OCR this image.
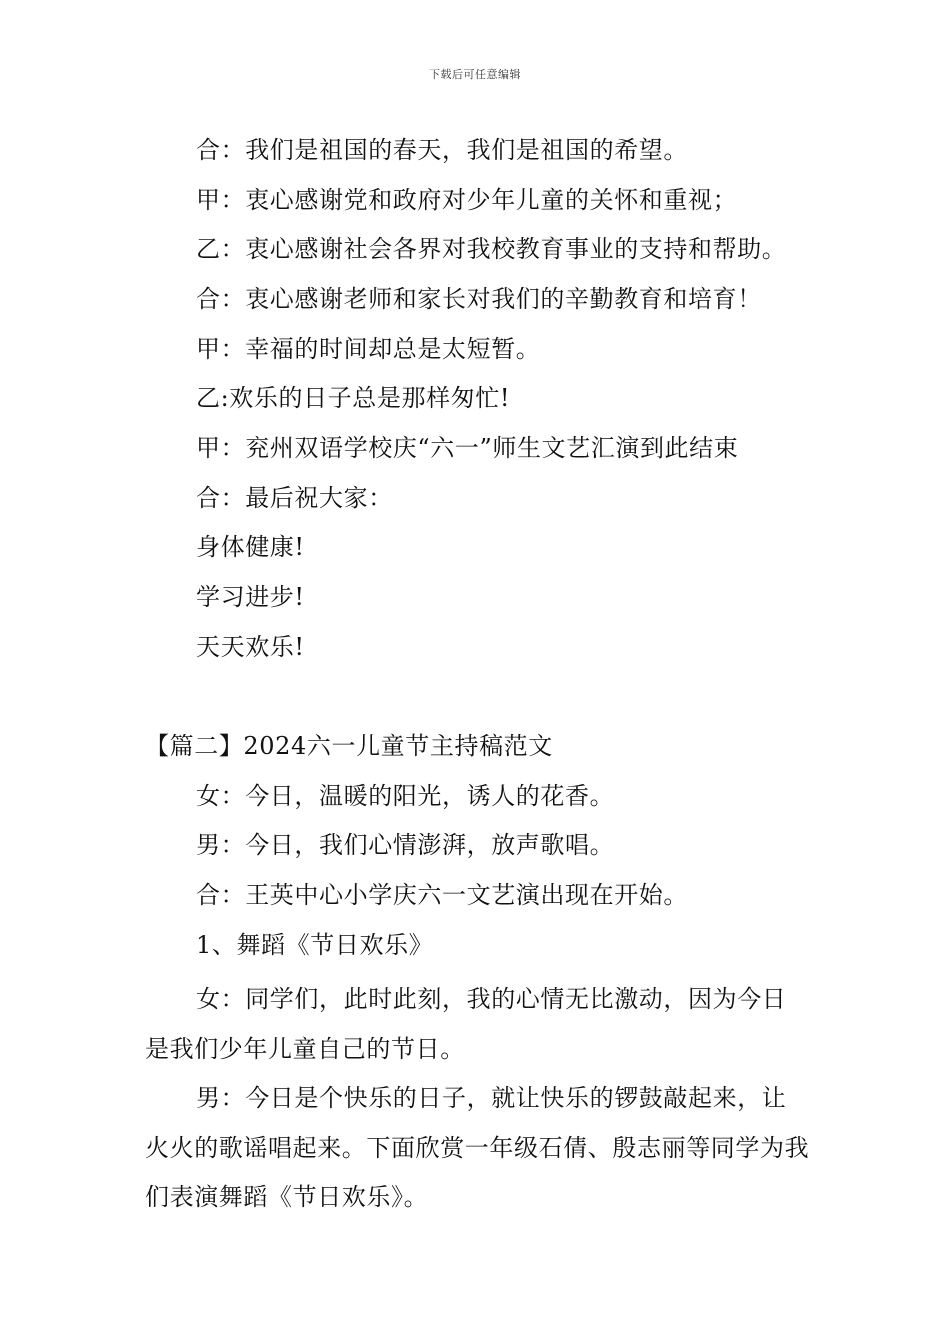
下载后可任意编辑
合：我们是祖国的春天，我们是祖国的希望。
甲：衷心感谢党和政府对少年儿童的关怀和重视；
乙：衷心感谢社会各界对我校教育事业的支持和帮助。
合：衷心感谢老师和家长对我们的辛勤教育和培育！
甲：幸福的时间却总是太短暂。
乙:欢乐的日子总是那样匆忙!
甲：兖州双语学校庆“六一”师生文艺汇演到此结束
合：最后祝大家：
身体健康!
学习进步!
天天欢乐!
【篇二】2024六一儿童节主持稿范文
女：今日，温暖的阳光，诱人的花香。
男：今日，我们心情澎湃，放声歌唱。
合：王英中心小学庆六一文艺演出现在开始。
1、舞蹈《节日欢乐》
女：同学们，此时此刻，我的心情无比激动，因为今日是我们少年儿童自己的节日。
男：今日是个快乐的日子，就让快乐的锣鼓敲起来，让火火的歌谣唱起来。下面欣赏一年级石倩、殷志丽等同学为我们表演舞蹈《节日欢乐》。
